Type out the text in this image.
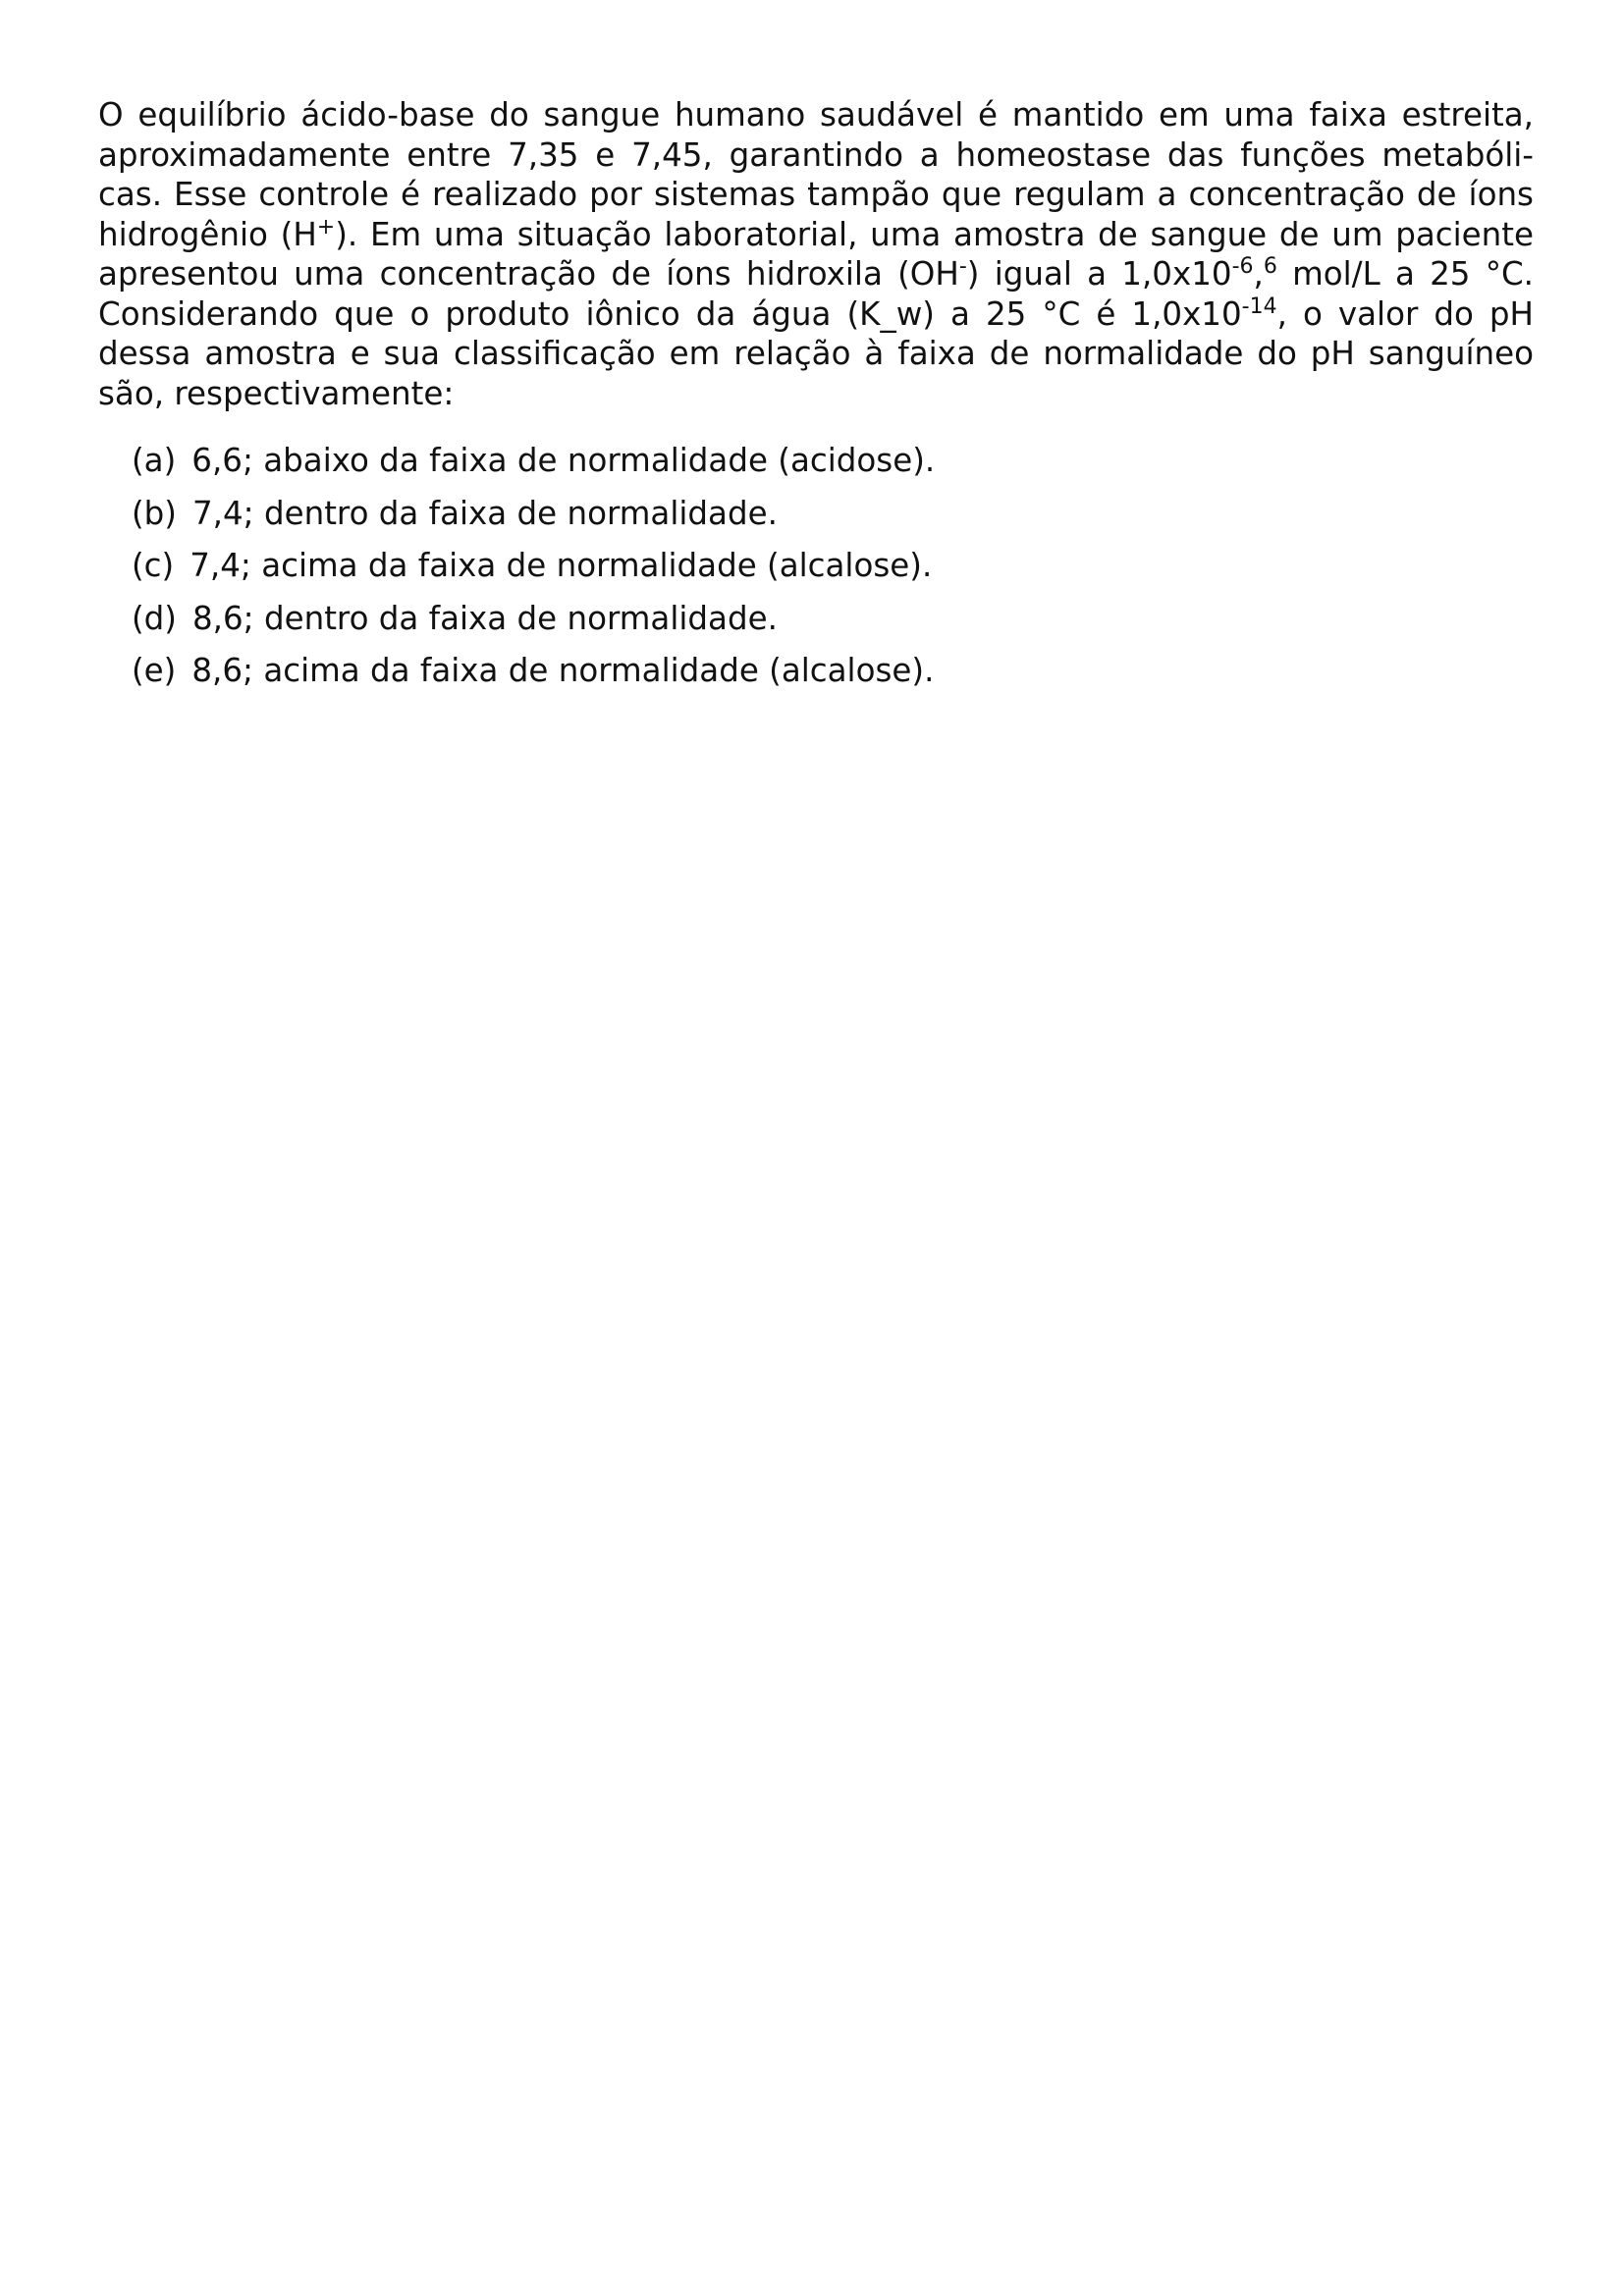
O equilíbrio ácido-base do sangue humano saudável é mantido em uma faixa estreita, aproximadamente entre 7,35 e 7,45, garantindo a homeostase das funções metabóli- cas. Esse controle é realizado por sistemas tampão que regulam a concentração de íons hidrogênio (H+). Em uma situação laboratorial, uma amostra de sangue de um paciente apresentou uma concentração de íons hidroxila (OH-) igual a $1,0x10^{-6},^6$ mol/L a 25 °C. Considerando que o produto iônico da água (K_w) a 25 °C é $1,0x10^{-14}$, o valor do pH dessa amostra e sua classificação em relação à faixa de normalidade do pH sanguíneo são, respectivamente:

(a) 6,6; abaixo da faixa de normalidade (acidose).
(b) 7,4; dentro da faixa de normalidade.
(c) 7,4; acima da faixa de normalidade (alcalose).
(d) 8,6; dentro da faixa de normalidade.
(e) 8,6; acima da faixa de normalidade (alcalose).
